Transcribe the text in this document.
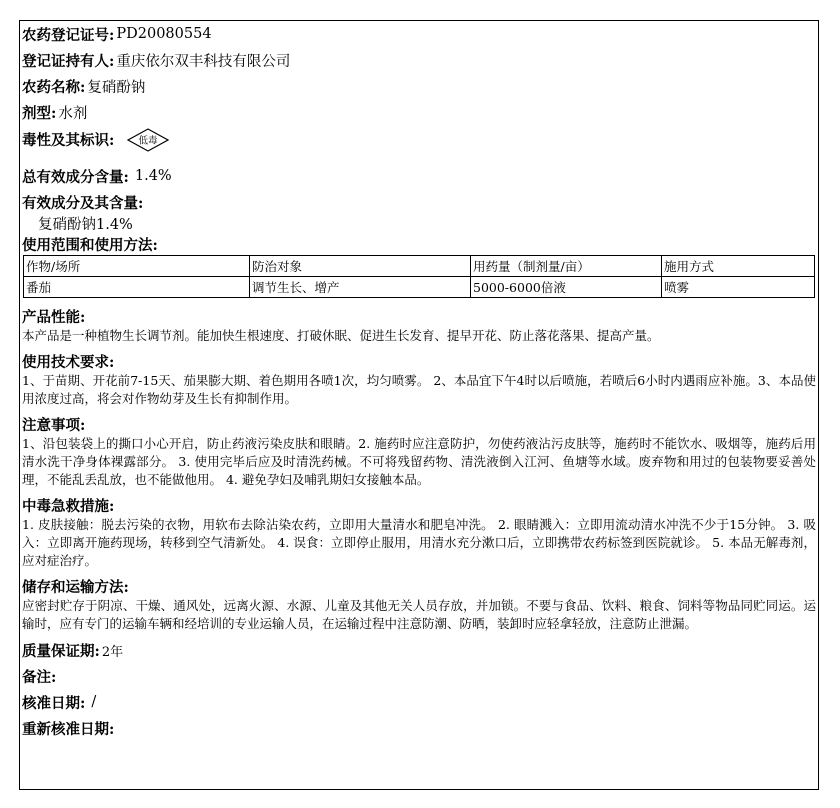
农药登记证号: PD20080554
登记证持有人: 重庆依尔双丰科技有限公司
农药名称: 复硝酚钠
剂型: 水剂
毒性及其标识:	低毒
总有效成分含量: 1.4%
有效成分及其含量:
复硝酚钠1.4%
使用范围和使用方法:
作物/场所	防治对象	用药量（制剂量/亩）	施用方式
番茄	调节生长、增产	5000-6000倍液	喷雾
产品性能:
本产品是一种植物生长调节剂。能加快生根速度、打破休眠、促进生长发育、提早开花、防止落花落果、提高产量。
使用技术要求:
1、于苗期、开花前7-15天、茄果膨大期、着色期用各喷1次，均匀喷雾。 2、本品宜下午4时以后喷施，若喷后6小时内遇雨应补施。3、本品使用浓度过高，将会对作物幼芽及生长有抑制作用。
注意事项:
1、沿包装袋上的撕口小心开启，防止药液污染皮肤和眼睛。2. 施药时应注意防护，勿使药液沾污皮肤等，施药时不能饮水、吸烟等，施药后用清水洗干净身体裸露部分。 3. 使用完毕后应及时清洗药械。不可将残留药物、清洗液倒入江河、鱼塘等水域。废弃物和用过的包装物要妥善处理，不能乱丢乱放，也不能做他用。 4. 避免孕妇及哺乳期妇女接触本品。
中毒急救措施:
1. 皮肤接触：脱去污染的衣物，用软布去除沾染农药，立即用大量清水和肥皂冲洗。 2. 眼睛溅入：立即用流动清水冲洗不少于15分钟。 3. 吸入：立即离开施药现场，转移到空气清新处。 4. 误食：立即停止服用，用清水充分漱口后，立即携带农药标签到医院就诊。 5. 本品无解毒剂，应对症治疗。
储存和运输方法:
应密封贮存于阴凉、干燥、通风处，远离火源、水源、儿童及其他无关人员存放，并加锁。不要与食品、饮料、粮食、饲料等物品同贮同运。运输时，应有专门的运输车辆和经培训的专业运输人员，在运输过程中注意防潮、防晒，装卸时应轻拿轻放，注意防止泄漏。
质量保证期: 2年
备注:
核准日期: /
重新核准日期:
